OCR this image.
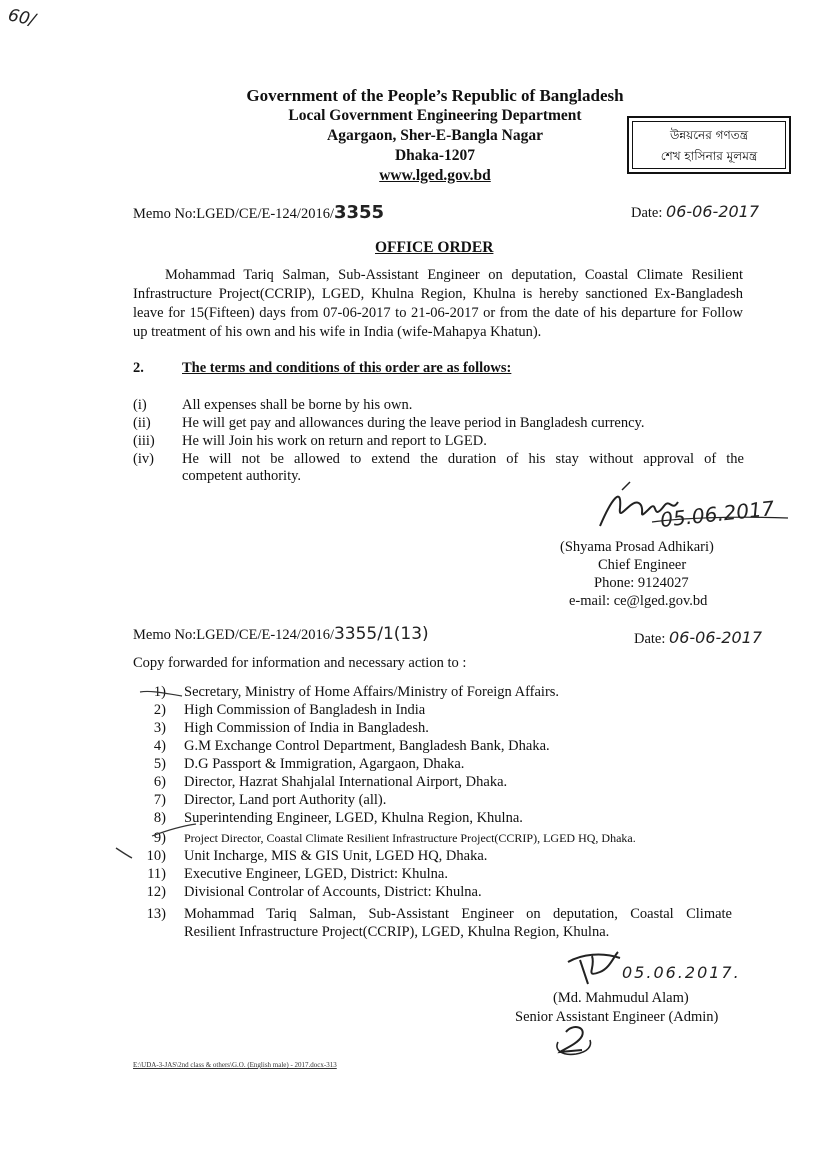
60/
Government of the People’s Republic of Bangladesh
Local Government Engineering Department
Agargaon, Sher-E-Bangla Nagar
Dhaka-1207
www.lged.gov.bd
উন্নয়নের গণতন্ত্র
শেখ হাসিনার মূলমন্ত্র
Memo No:LGED/CE/E-124/2016/3355	Date: 06-06-2017
OFFICE ORDER
Mohammad Tariq Salman, Sub-Assistant Engineer on deputation, Coastal Climate Resilient Infrastructure Project(CCRIP), LGED, Khulna Region, Khulna is hereby sanctioned Ex-Bangladesh leave for 15(Fifteen) days from 07-06-2017 to 21-06-2017 or from the date of his departure for Follow up treatment of his own and his wife in India (wife-Mahapya Khatun).
2.	The terms and conditions of this order are as follows:
(i) All expenses shall be borne by his own.
(ii) He will get pay and allowances during the leave period in Bangladesh currency.
(iii) He will Join his work on return and report to LGED.
(iv) He will not be allowed to extend the duration of his stay without approval of the
competent authority.
05.06.2017
(Shyama Prosad Adhikari)
Chief Engineer
Phone: 9124027
e-mail: ce@lged.gov.bd
Memo No:LGED/CE/E-124/2016/3355/1(13)	Date: 06-06-2017
Copy forwarded for information and necessary action to :
1) Secretary, Ministry of Home Affairs/Ministry of Foreign Affairs.
2) High Commission of Bangladesh in India
3) High Commission of India in Bangladesh.
4) G.M Exchange Control Department, Bangladesh Bank, Dhaka.
5) D.G Passport & Immigration, Agargaon, Dhaka.
6) Director, Hazrat Shahjalal International Airport, Dhaka.
7) Director, Land port Authority (all).
8) Superintending Engineer, LGED, Khulna Region, Khulna.
9) Project Director, Coastal Climate Resilient Infrastructure Project(CCRIP), LGED HQ, Dhaka.
10) Unit Incharge, MIS & GIS Unit, LGED HQ, Dhaka.
11) Executive Engineer, LGED, District: Khulna.
12) Divisional Controlar of Accounts, District: Khulna.
13) Mohammad Tariq Salman, Sub-Assistant Engineer on deputation, Coastal Climate
Resilient Infrastructure Project(CCRIP), LGED, Khulna Region, Khulna.
05.06.2017.
(Md. Mahmudul Alam)
Senior Assistant Engineer (Admin)
E:\UDA-3-JAS\2nd class & others\G.O. (English male) - 2017.docx-313
